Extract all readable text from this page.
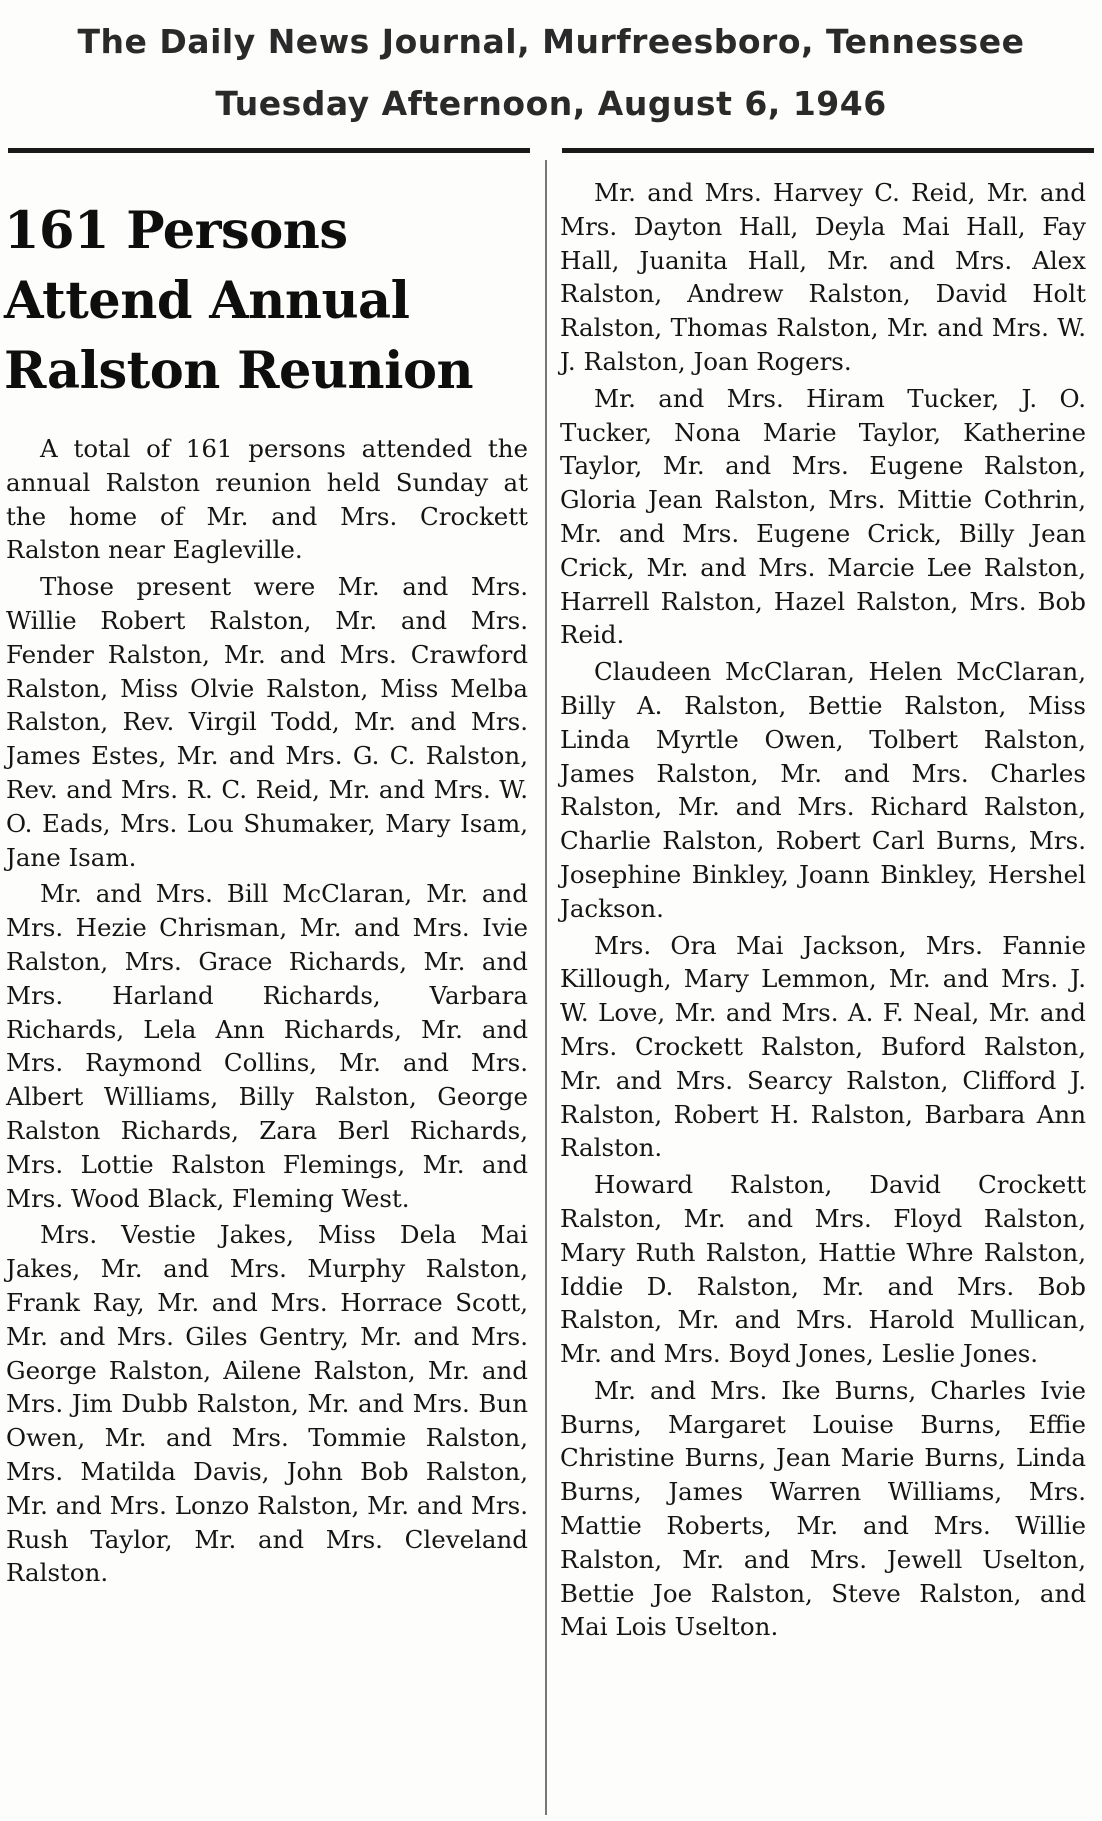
The Daily News Journal, Murfreesboro, Tennessee
Tuesday Afternoon, August 6, 1946
161 Persons
Attend Annual
Ralston Reunion

A total of 161 persons attended the annual Ralston reunion held Sunday at the home of Mr. and Mrs. Crockett Ralston near Eagleville.

Those present were Mr. and Mrs. Willie Robert Ralston, Mr. and Mrs. Fender Ralston, Mr. and Mrs. Crawford Ralston, Miss Olvie Ralston, Miss Melba Ralston, Rev. Virgil Todd, Mr. and Mrs. James Estes, Mr. and Mrs. G. C. Ralston, Rev. and Mrs. R. C. Reid, Mr. and Mrs. W. O. Eads, Mrs. Lou Shumaker, Mary Isam, Jane Isam.

Mr. and Mrs. Bill McClaran, Mr. and Mrs. Hezie Chrisman, Mr. and Mrs. Ivie Ralston, Mrs. Grace Richards, Mr. and Mrs. Harland Richards, Varbara Richards, Lela Ann Richards, Mr. and Mrs. Raymond Collins, Mr. and Mrs. Albert Williams, Billy Ralston, George Ralston Richards, Zara Berl Richards, Mrs. Lottie Ralston Flemings, Mr. and Mrs. Wood Black, Fleming West.

Mrs. Vestie Jakes, Miss Dela Mai Jakes, Mr. and Mrs. Murphy Ralston, Frank Ray, Mr. and Mrs. Horrace Scott, Mr. and Mrs. Giles Gentry, Mr. and Mrs. George Ralston, Ailene Ralston, Mr. and Mrs. Jim Dubb Ralston, Mr. and Mrs. Bun Owen, Mr. and Mrs. Tommie Ralston, Mrs. Matilda Davis, John Bob Ralston, Mr. and Mrs. Lonzo Ralston, Mr. and Mrs. Rush Taylor, Mr. and Mrs. Cleveland Ralston.

Mr. and Mrs. Harvey C. Reid, Mr. and Mrs. Dayton Hall, Deyla Mai Hall, Fay Hall, Juanita Hall, Mr. and Mrs. Alex Ralston, Andrew Ralston, David Holt Ralston, Thomas Ralston, Mr. and Mrs. W. J. Ralston, Joan Rogers.

Mr. and Mrs. Hiram Tucker, J. O. Tucker, Nona Marie Taylor, Katherine Taylor, Mr. and Mrs. Eugene Ralston, Gloria Jean Ralston, Mrs. Mittie Cothrin, Mr. and Mrs. Eugene Crick, Billy Jean Crick, Mr. and Mrs. Marcie Lee Ralston, Harrell Ralston, Hazel Ralston, Mrs. Bob Reid.

Claudeen McClaran, Helen McClaran, Billy A. Ralston, Bettie Ralston, Miss Linda Myrtle Owen, Tolbert Ralston, James Ralston, Mr. and Mrs. Charles Ralston, Mr. and Mrs. Richard Ralston, Charlie Ralston, Robert Carl Burns, Mrs. Josephine Binkley, Joann Binkley, Hershel Jackson.

Mrs. Ora Mai Jackson, Mrs. Fannie Killough, Mary Lemmon, Mr. and Mrs. J. W. Love, Mr. and Mrs. A. F. Neal, Mr. and Mrs. Crockett Ralston, Buford Ralston, Mr. and Mrs. Searcy Ralston, Clifford J. Ralston, Robert H. Ralston, Barbara Ann Ralston.

Howard Ralston, David Crockett Ralston, Mr. and Mrs. Floyd Ralston, Mary Ruth Ralston, Hattie Whre Ralston, Iddie D. Ralston, Mr. and Mrs. Bob Ralston, Mr. and Mrs. Harold Mullican, Mr. and Mrs. Boyd Jones, Leslie Jones.

Mr. and Mrs. Ike Burns, Charles Ivie Burns, Margaret Louise Burns, Effie Christine Burns, Jean Marie Burns, Linda Burns, James Warren Williams, Mrs. Mattie Roberts, Mr. and Mrs. Willie Ralston, Mr. and Mrs. Jewell Uselton, Bettie Joe Ralston, Steve Ralston, and Mai Lois Uselton.
